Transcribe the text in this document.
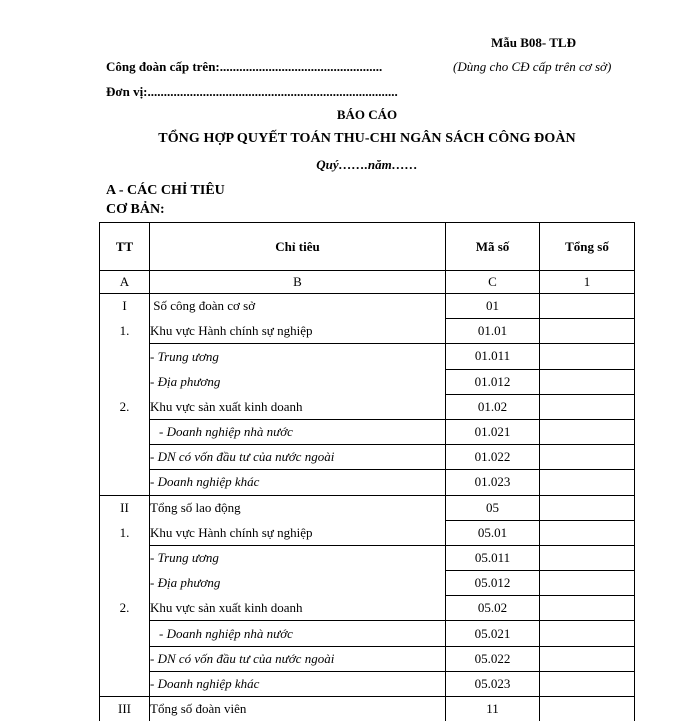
Mẫu B08- TLĐ
Công đoàn cấp trên:..................................................	(Dùng cho CĐ cấp trên cơ sở)
Đơn vị:.............................................................................
BÁO CÁO
TỔNG HỢP QUYẾT TOÁN THU-CHI NGÂN SÁCH CÔNG ĐOÀN
Quý…….năm……
A - CÁC CHỈ TIÊU CƠ BẢN:
TT	Chỉ tiêu	Mã số	Tổng số
A	B	C	1
I	Số công đoàn cơ sở	01	
1.	Khu vực Hành chính sự nghiệp	01.01	
	- Trung ương	01.011	
	- Địa phương	01.012	
2.	Khu vực sản xuất kinh doanh	01.02	
	- Doanh nghiệp nhà nước	01.021	
	- DN có vốn đầu tư của nước ngoài	01.022	
	- Doanh nghiệp khác	01.023	
II	Tổng số lao động	05	
1.	Khu vực Hành chính sự nghiệp	05.01	
	- Trung ương	05.011	
	- Địa phương	05.012	
2.	Khu vực sản xuất kinh doanh	05.02	
	- Doanh nghiệp nhà nước	05.021	
	- DN có vốn đầu tư của nước ngoài	05.022	
	- Doanh nghiệp khác	05.023	
III	Tổng số đoàn viên	11	
